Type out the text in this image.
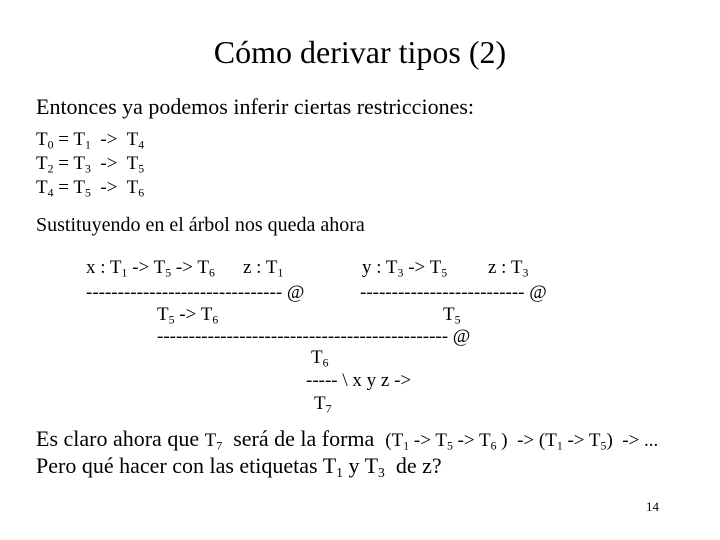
Cómo derivar tipos (2)
Entonces ya podemos inferir ciertas restricciones:
$T_0 = T_1 -> T_4$
$T_2 = T_3 -> T_5$
$T_4 = T_5 -> T_6$
Sustituyendo en el árbol nos queda ahora
x : $T_1 -> T_5 -> T_6$ z : $T_1$	y : $T_3 -> T_5$ z : $T_3$
------------------------------- @	-------------------------- @
$T_5 -> T_6$	$T_5$
---------------------------------------------- @
$T_6$
----- \ x y z ->
$T_7$
Es claro ahora que $T_7$  será de la forma  ($T_1 -> T_5 -> T_6$ )  -> $(T_1 -> T_5)$  -> ...
Pero qué hacer con las etiquetas $T_1$ y $T_3$  de z?
14
